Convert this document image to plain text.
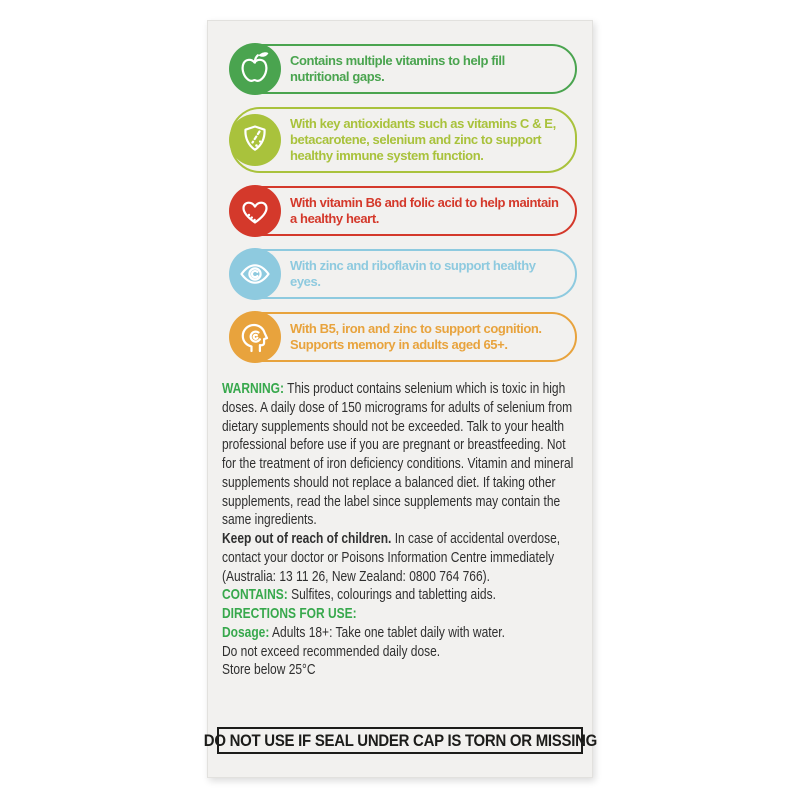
Contains multiple vitamins to help fill nutritional gaps.
With key antioxidants such as vitamins C & E, betacarotene, selenium and zinc to support healthy immune system function.
With vitamin B6 and folic acid to help maintain a healthy heart.
With zinc and riboflavin to support healthy eyes.
With B5, iron and zinc to support cognition. Supports memory in adults aged 65+.

WARNING: This product contains selenium which is toxic in high doses. A daily dose of 150 micrograms for adults of selenium from dietary supplements should not be exceeded. Talk to your health professional before use if you are pregnant or breastfeeding. Not for the treatment of iron deficiency conditions. Vitamin and mineral supplements should not replace a balanced diet. If taking other supplements, read the label since supplements may contain the same ingredients.

Keep out of reach of children. In case of accidental overdose, contact your doctor or Poisons Information Centre immediately (Australia: 13 11 26, New Zealand: 0800 764 766).

CONTAINS: Sulfites, colourings and tabletting aids.

DIRECTIONS FOR USE:

Dosage: Adults 18+: Take one tablet daily with water.

Do not exceed recommended daily dose.

Store below 25°C

DO NOT USE IF SEAL UNDER CAP IS TORN OR MISSING
